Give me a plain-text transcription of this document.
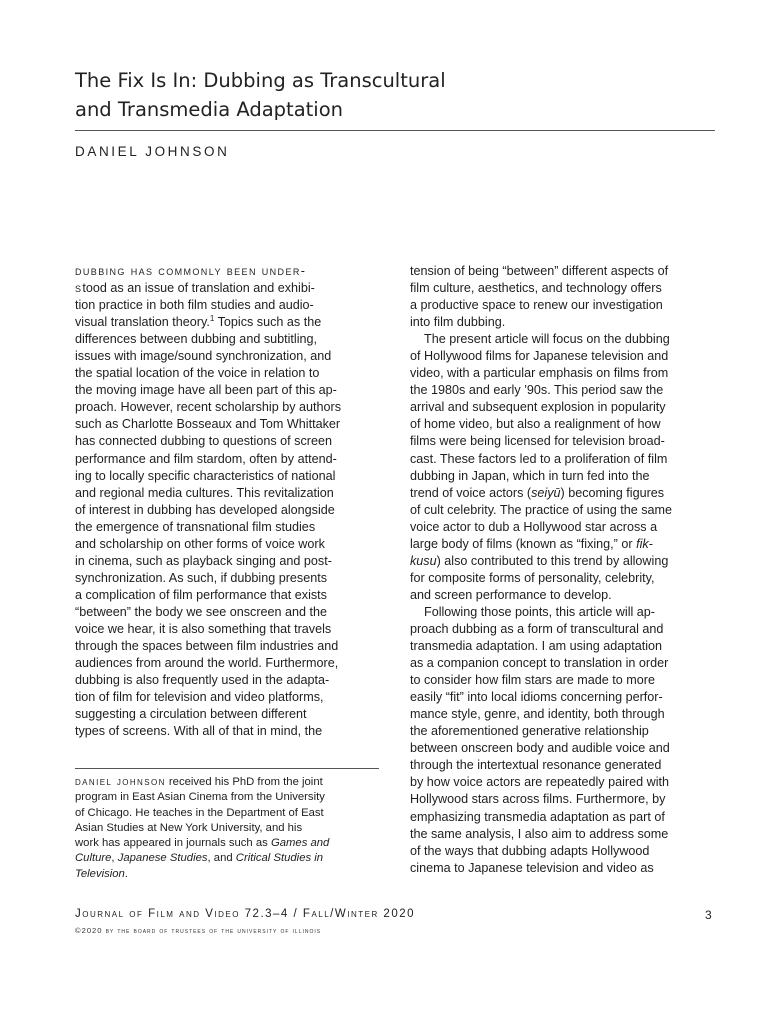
The Fix Is In: Dubbing as Transcultural
and Transmedia Adaptation
DANIEL JOHNSON
dubbing has commonly been under-
stood as an issue of translation and exhibi-
tion practice in both film studies and audio-
visual translation theory.$^1$ Topics such as the
differences between dubbing and subtitling,
issues with image/sound synchronization, and
the spatial location of the voice in relation to
the moving image have all been part of this ap-
proach. However, recent scholarship by authors
such as Charlotte Bosseaux and Tom Whittaker
has connected dubbing to questions of screen
performance and film stardom, often by attend-
ing to locally specific characteristics of national
and regional media cultures. This revitalization
of interest in dubbing has developed alongside
the emergence of transnational film studies
and scholarship on other forms of voice work
in cinema, such as playback singing and post-
synchronization. As such, if dubbing presents
a complication of film performance that exists
“between” the body we see onscreen and the
voice we hear, it is also something that travels
through the spaces between film industries and
audiences from around the world. Furthermore,
dubbing is also frequently used in the adapta-
tion of film for television and video platforms,
suggesting a circulation between different
types of screens. With all of that in mind, the
tension of being “between” different aspects of
film culture, aesthetics, and technology offers
a productive space to renew our investigation
into film dubbing.
The present article will focus on the dubbing
of Hollywood films for Japanese television and
video, with a particular emphasis on films from
the 1980s and early ’90s. This period saw the
arrival and subsequent explosion in popularity
of home video, but also a realignment of how
films were being licensed for television broad-
cast. These factors led to a proliferation of film
dubbing in Japan, which in turn fed into the
trend of voice actors (seiyū) becoming figures
of cult celebrity. The practice of using the same
voice actor to dub a Hollywood star across a
large body of films (known as “fixing,” or fik-
kusu) also contributed to this trend by allowing
for composite forms of personality, celebrity,
and screen performance to develop.
Following those points, this article will ap-
proach dubbing as a form of transcultural and
transmedia adaptation. I am using adaptation
as a companion concept to translation in order
to consider how film stars are made to more
easily “fit” into local idioms concerning perfor-
mance style, genre, and identity, both through
the aforementioned generative relationship
between onscreen body and audible voice and
through the intertextual resonance generated
by how voice actors are repeatedly paired with
Hollywood stars across films. Furthermore, by
emphasizing transmedia adaptation as part of
the same analysis, I also aim to address some
of the ways that dubbing adapts Hollywood
cinema to Japanese television and video as
daniel johnson received his PhD from the joint
program in East Asian Cinema from the University
of Chicago. He teaches in the Department of East
Asian Studies at New York University, and his
work has appeared in journals such as Games and
Culture, Japanese Studies, and Critical Studies in
Television.
Journal of Film and Video 72.3–4 / Fall/Winter 2020
©2020 by the board of trustees of the university of illinois
3
